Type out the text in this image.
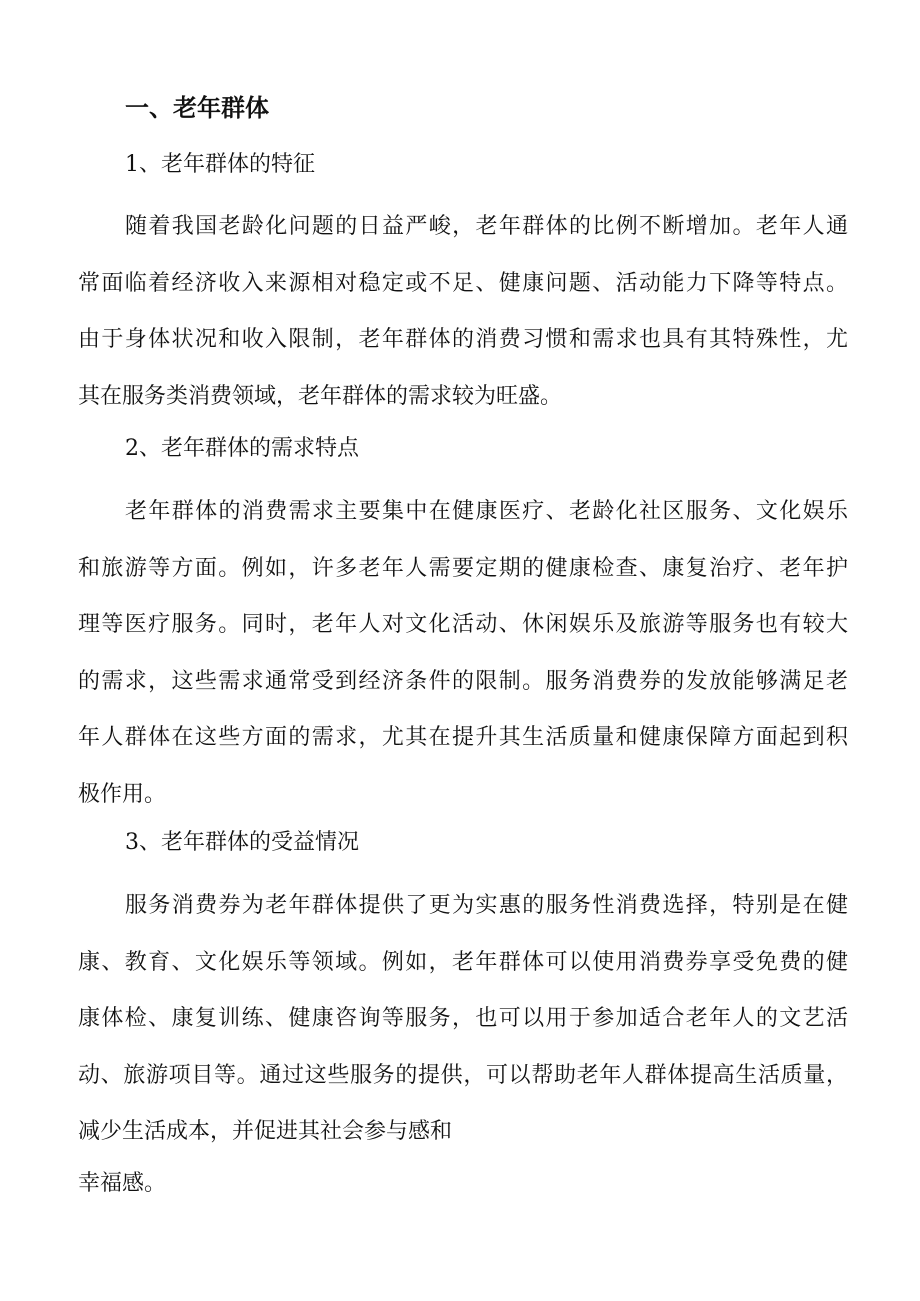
一、老年群体
1、老年群体的特征
随着我国老龄化问题的日益严峻，老年群体的比例不断增加。老年人通
常面临着经济收入来源相对稳定或不足、健康问题、活动能力下降等特点。
由于身体状况和收入限制，老年群体的消费习惯和需求也具有其特殊性，尤
其在服务类消费领域，老年群体的需求较为旺盛。
2、老年群体的需求特点
老年群体的消费需求主要集中在健康医疗、老龄化社区服务、文化娱乐
和旅游等方面。例如，许多老年人需要定期的健康检查、康复治疗、老年护
理等医疗服务。同时，老年人对文化活动、休闲娱乐及旅游等服务也有较大
的需求，这些需求通常受到经济条件的限制。服务消费券的发放能够满足老
年人群体在这些方面的需求，尤其在提升其生活质量和健康保障方面起到积
极作用。
3、老年群体的受益情况
服务消费券为老年群体提供了更为实惠的服务性消费选择，特别是在健
康、教育、文化娱乐等领域。例如，老年群体可以使用消费券享受免费的健
康体检、康复训练、健康咨询等服务，也可以用于参加适合老年人的文艺活
动、旅游项目等。通过这些服务的提供，可以帮助老年人群体提高生活质量，
减少生活成本，并促进其社会参与感和
幸福感。
